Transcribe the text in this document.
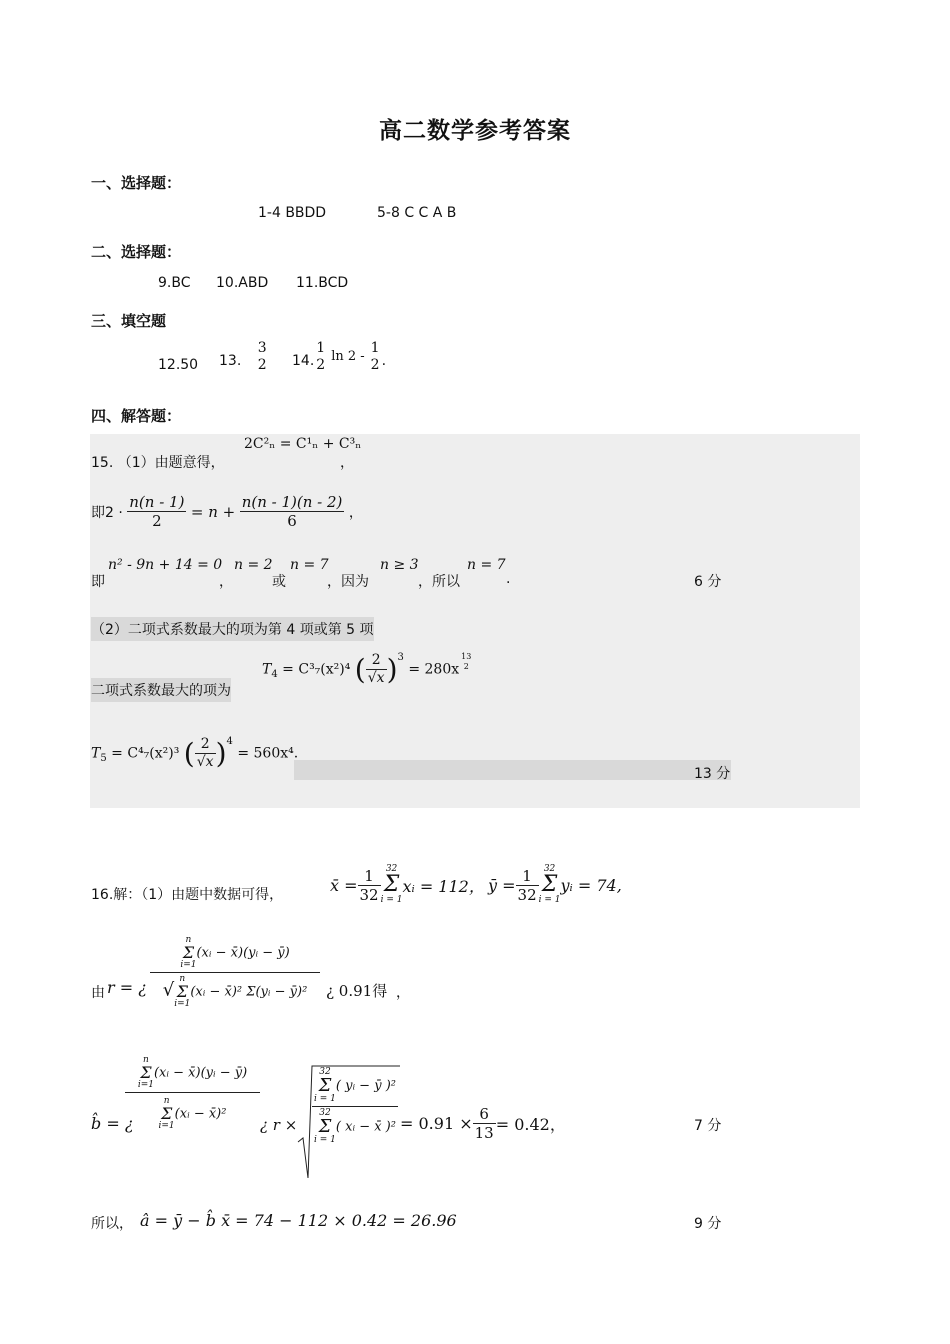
高二数学参考答案
一、选择题：
1-4 BBDD	5-8 C C A B
二、选择题：
9.BC 10.ABD 11.BCD
三、填空题
12.50 13.
3
2 14.
1
2 ln 2 -
1
2 .
四、解答题：
15. （1）由题意得，
2C²ₙ = C¹ₙ + C³ₙ
，
即$2 \cdot \frac{n(n - 1)}{2} = n + \frac{n(n - 1)(n - 2)}{6}$ ，
即
n² - 9n + 14 = 0
，
n = 2
或
n = 7
，因为
n ≥ 3
，所以
n = 7
.	6 分
（2）二项式系数最大的项为第 4 项或第 5 项
二项式系数最大的项为
$T_4 = C^3_7(x^2)^4$ ( $\frac{2}{√x} )^3 = 280x$
13
2
$T_5 = C^4_7(x^2)^3$ ( $\frac{2}{√x} )^4 = 560x^4$.
13 分
16.解：（1）由题中数据可得，
x̄ = $\frac{1}{32} 32$
Σ
i = 1
xᵢ = 112， ȳ = $\frac{1}{32} 32$
Σ
i = 1
yᵢ = 74,
由 r = ¿ n
Σ
i=1
(xᵢ − x̄)(yᵢ − ȳ)
√
n
Σ
i=1
(xᵢ − x̄)² Σ(yᵢ − ȳ)² ¿ 0.91得 ，
b̂ = ¿
n
Σ
i=1
(xᵢ − x̄)(yᵢ − ȳ)
n
Σ
i=1
(xᵢ − x̄)² ¿ r × 32
Σ
i = 1
( yᵢ − ȳ )²
32
Σ
i = 1
( xᵢ − x̄ )$^2 = 0.91 \times \frac{6}{13} = 0.42$，	7 分
所以， â = ȳ − b̂ x̄ = 74 − 112 × 0.42 = 26.96	9 分
